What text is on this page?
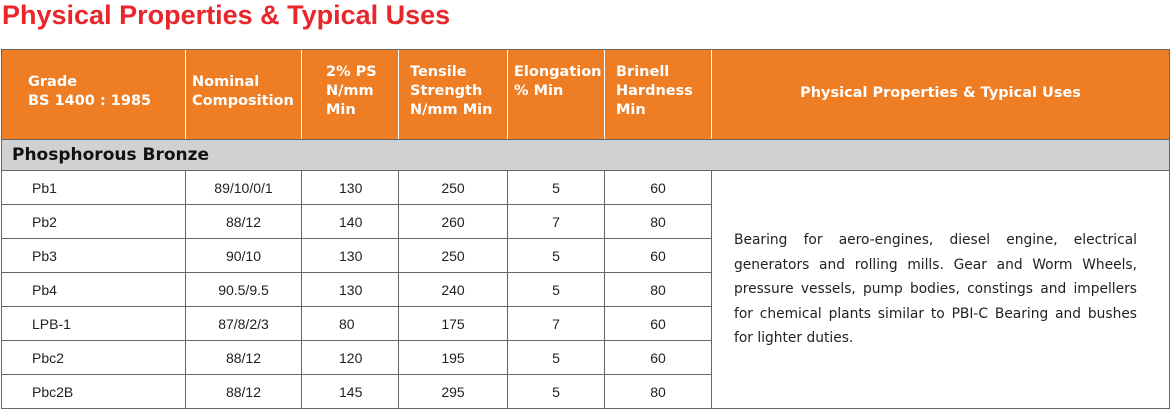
Physical Properties & Typical Uses
Grade
BS 1400 : 1985	Nominal
Composition	2% PS
N/mm
Min	Tensile
Strength
N/mm Min	Elongation
% Min	Brinell
Hardness
Min	Physical Properties & Typical Uses

Phosphorous Bronze						
Pb1	89/10/0/1	130	250	5	60	Bearing for aero-engines, diesel engine, electrical generators and rolling mills. Gear and Worm Wheels, pressure vessels, pump bodies, constings and impellers for chemical plants similar to PBI-C Bearing and bushes for lighter duties.
Pb2	88/12	140	260	7	80	
Pb3	90/10	130	250	5	60	
Pb4	90.5/9.5	130	240	5	80	
LPB-1	87/8/2/3	80	175	7	60	
Pbc2	88/12	120	195	5	60	
Pbc2B	88/12	145	295	5	80	
